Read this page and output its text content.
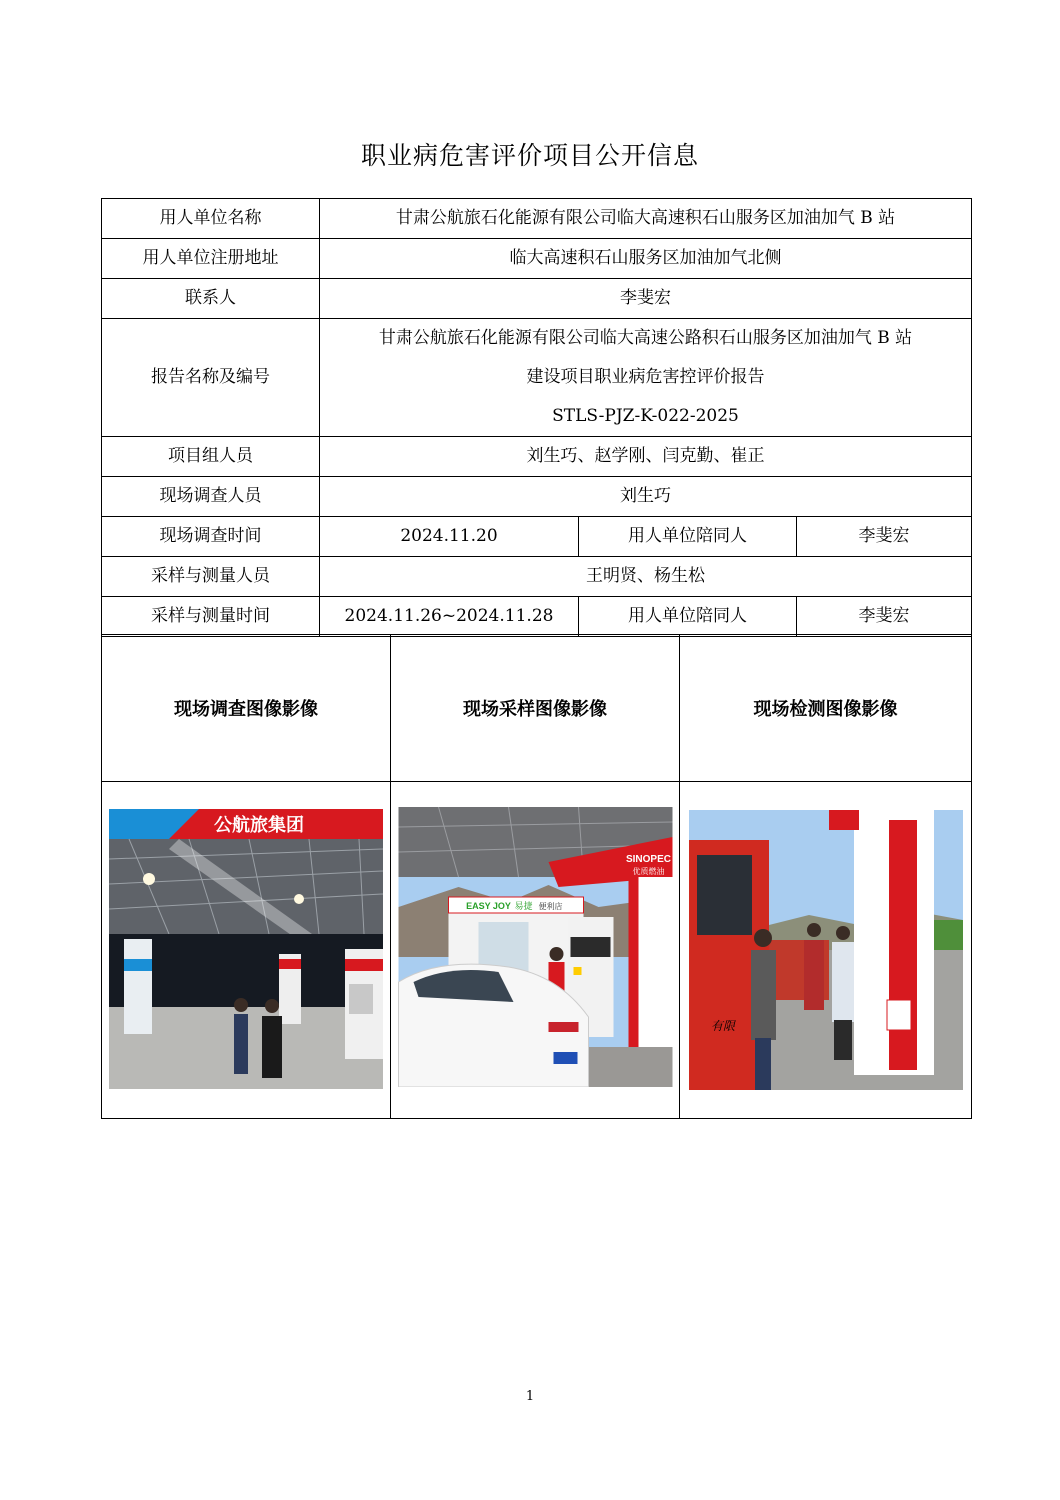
职业病危害评价项目公开信息
用人单位名称	甘肃公航旅石化能源有限公司临大高速积石山服务区加油加气 B 站		
用人单位注册地址	临大高速积石山服务区加油加气北侧		
联系人	李斐宏		
报告名称及编号	甘肃公航旅石化能源有限公司临大高速公路积石山服务区加油加气 B 站
建设项目职业病危害控评价报告
STLS-PJZ-K-022-2025		

项目组人员	刘生巧、赵学刚、闫克勤、崔正		
现场调查人员	刘生巧		
现场调查时间	2024.11.20	用人单位陪同人	李斐宏
采样与测量人员	王明贤、杨生松		
采样与测量时间	2024.11.26~2024.11.28	用人单位陪同人	李斐宏
现场调查图像影像	现场采样图像影像	现场检测图像影像

公航旅集团	EASY JOY 易捷 便利店
SINOPEC
优质燃油	有限
1
